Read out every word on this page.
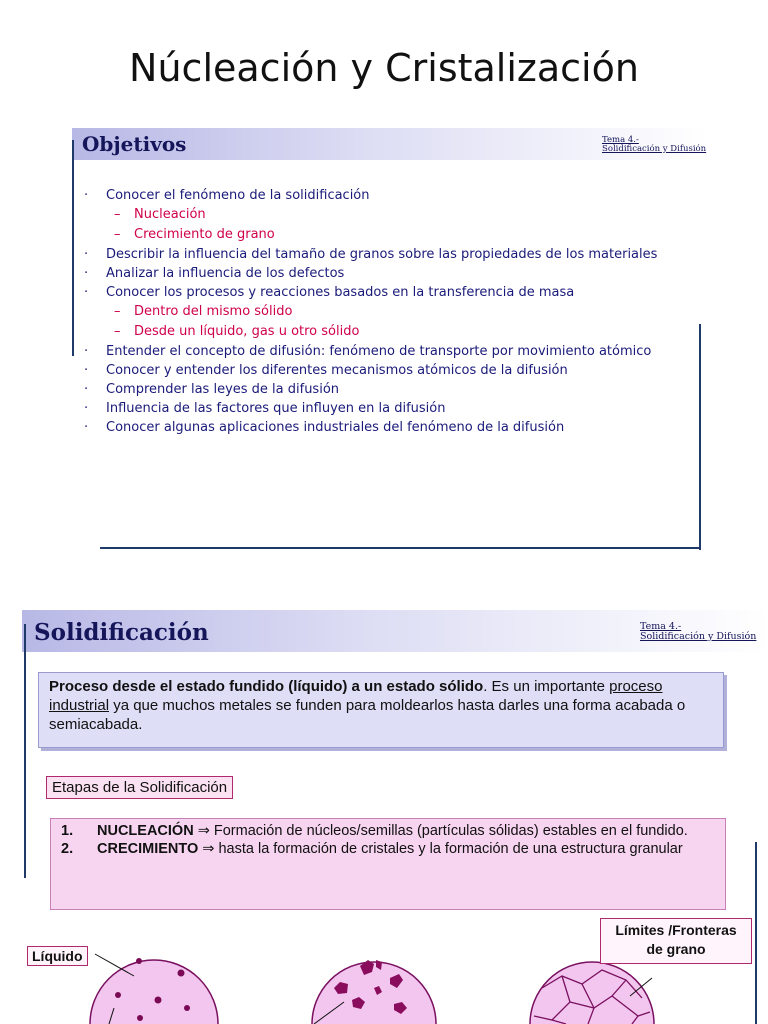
Núcleación y Cristalización
Objetivos	Tema 4.-
Solidificación y Difusión
· Conocer el fenómeno de la solidificación
– Nucleación
– Crecimiento de grano
· Describir la influencia del tamaño de granos sobre las propiedades de los materiales
· Analizar la influencia de los defectos
· Conocer los procesos y reacciones basados en la transferencia de masa
– Dentro del mismo sólido
– Desde un líquido, gas u otro sólido
· Entender el concepto de difusión: fenómeno de transporte por movimiento atómico
· Conocer y entender los diferentes mecanismos atómicos de la difusión
· Comprender las leyes de la difusión
· Influencia de las factores que influyen en la difusión
· Conocer algunas aplicaciones industriales del fenómeno de la difusión
Solidificación	Tema 4.-
Solidificación y Difusión
Proceso desde el estado fundido (líquido) a un estado sólido. Es un importante proceso industrial ya que muchos metales se funden para moldearlos hasta darles una forma acabada o semiacabada.
Etapas de la Solidificación
1. NUCLEACIÓN ⇒ Formación de núcleos/semillas (partículas sólidas) estables en el fundido.
2. CRECIMIENTO ⇒ hasta la formación de cristales y la formación de una estructura granular
Líquido
Límites /Fronteras
de grano
